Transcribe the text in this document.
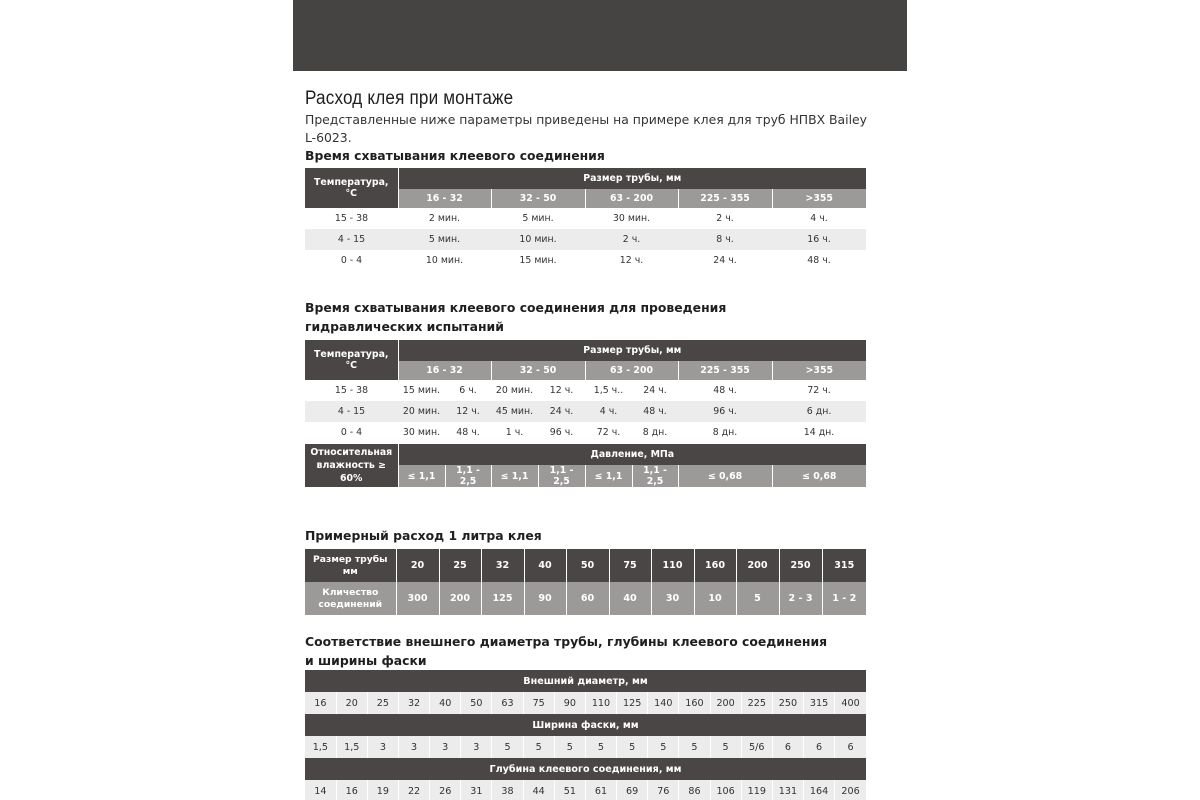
Расход клея при монтаже

Представленные ниже параметры приведены на примере клея для труб НПВХ Bailey L-6023.

Время схватывания клеевого соединения
Температура, °С	Размер трубы, мм				
	16 - 32	32 - 50	63 - 200	225 - 355	>355
15 - 38	2 мин.	5 мин.	30 мин.	2 ч.	4 ч.
4 - 15	5 мин.	10 мин.	2 ч.	8 ч.	16 ч.
0 - 4	10 мин.	15 мин.	12 ч.	24 ч.	48 ч.
Время схватывания клеевого соединения для проведения
гидравлических испытаний
Температура, °С	Размер трубы, мм							
	16 - 32		32 - 50		63 - 200		225 - 355	>355
15 - 38	15 мин.	6 ч.	20 мин.	12 ч.	1,5 ч..	24 ч.	48 ч.	72 ч.
4 - 15	20 мин.	12 ч.	45 мин.	24 ч.	4 ч.	48 ч.	96 ч.	6 дн.
0 - 4	30 мин.	48 ч.	1 ч.	96 ч.	72 ч.	8 дн.	8 дн.	14 дн.
Относительная
влажность ≥ 60%	Давление, МПа							
	≤ 1,1	1,1 - 2,5	≤ 1,1	1,1 - 2,5	≤ 1,1	1,1 - 2,5	≤ 0,68	≤ 0,68
Примерный расход 1 литра клея
Размер трубы
мм	20	25	32	40	50	75	110	160	200	250	315
Кличество
соединений	300	200	125	90	60	40	30	10	5	2 - 3	1 - 2
Соответствие внешнего диаметра трубы, глубины клеевого соединения
и ширины фаски
Внешний диаметр, мм																	
16	20	25	32	40	50	63	75	90	110	125	140	160	200	225	250	315	400
Ширина фаски, мм																	
1,5	1,5	3	3	3	3	5	5	5	5	5	5	5	5	5/6	6	6	6
Глубина клеевого соединения, мм																	
14	16	19	22	26	31	38	44	51	61	69	76	86	106	119	131	164	206
